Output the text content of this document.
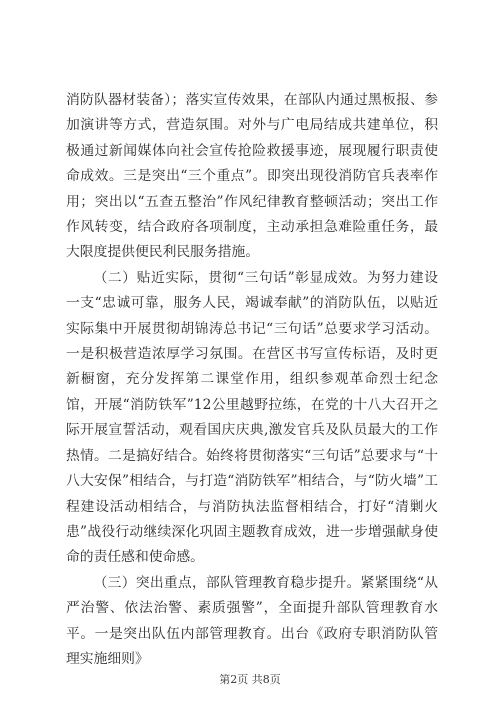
消防队器材装备）；落实宣传效果，在部队内通过黑板报、参加演讲等方式，营造氛围。对外与广电局结成共建单位，积极通过新闻媒体向社会宣传抢险救援事迹，展现履行职责使命成效。三是突出“三个重点”。即突出现役消防官兵表率作用；突出以“五查五整治”作风纪律教育整顿活动；突出工作作风转变，结合政府各项制度，主动承担急难险重任务，最大限度提供便民利民服务措施。

（二）贴近实际，贯彻“三句话”彰显成效。为努力建设一支“忠诚可靠，服务人民，竭诚奉献”的消防队伍，以贴近实际集中开展贯彻胡锦涛总书记“三句话”总要求学习活动。一是积极营造浓厚学习氛围。在营区书写宣传标语，及时更新橱窗，充分发挥第二课堂作用，组织参观革命烈士纪念馆，开展“消防铁军”12公里越野拉练，在党的十八大召开之际开展宣誓活动，观看国庆庆典,激发官兵及队员最大的工作热情。二是搞好结合。始终将贯彻落实“三句话”总要求与“十八大安保”相结合，与打造“消防铁军”相结合，与“防火墙”工程建设活动相结合，与消防执法监督相结合，打好“清剿火患”战役行动继续深化巩固主题教育成效，进一步增强献身使命的责任感和使命感。

（三）突出重点，部队管理教育稳步提升。紧紧围绕“从严治警、依法治警、素质强警”，全面提升部队管理教育水平。一是突出队伍内部管理教育。出台《政府专职消防队管理实施细则》

第2页 共8页
